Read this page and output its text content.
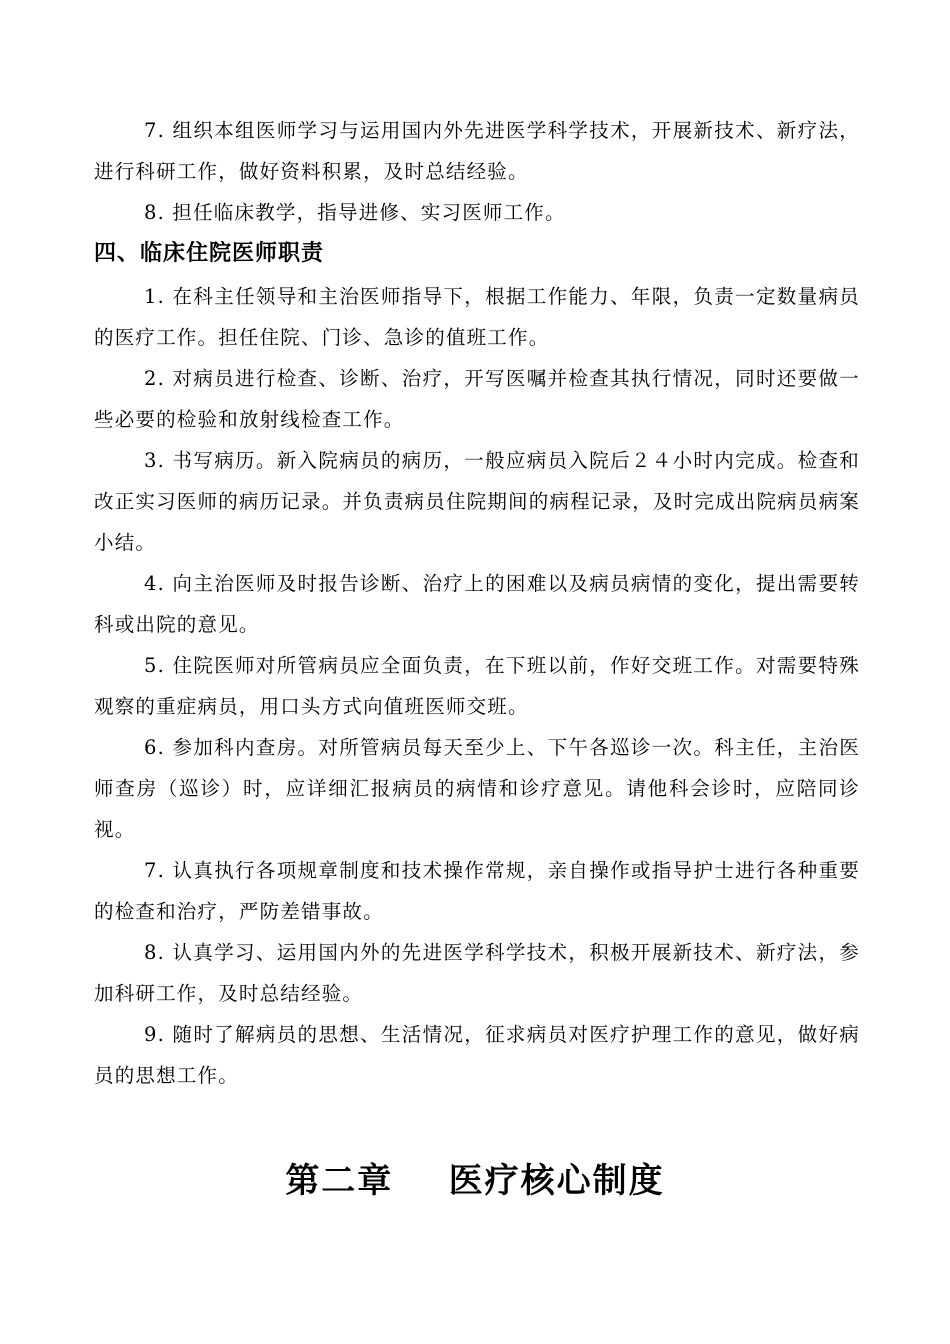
7. 组织本组医师学习与运用国内外先进医学科学技术，开展新技术、新疗法，进行科研工作，做好资料积累，及时总结经验。

8. 担任临床教学，指导进修、实习医师工作。

四、临床住院医师职责

1. 在科主任领导和主治医师指导下，根据工作能力、年限，负责一定数量病员的医疗工作。担任住院、门诊、急诊的值班工作。

2. 对病员进行检查、诊断、治疗，开写医嘱并检查其执行情况，同时还要做一些必要的检验和放射线检查工作。

3. 书写病历。新入院病员的病历，一般应病员入院后２４小时内完成。检查和改正实习医师的病历记录。并负责病员住院期间的病程记录，及时完成出院病员病案小结。

4. 向主治医师及时报告诊断、治疗上的困难以及病员病情的变化，提出需要转科或出院的意见。

5. 住院医师对所管病员应全面负责，在下班以前，作好交班工作。对需要特殊观察的重症病员，用口头方式向值班医师交班。

6. 参加科内查房。对所管病员每天至少上、下午各巡诊一次。科主任，主治医师查房（巡诊）时，应详细汇报病员的病情和诊疗意见。请他科会诊时，应陪同诊视。

7. 认真执行各项规章制度和技术操作常规，亲自操作或指导护士进行各种重要的检查和治疗，严防差错事故。

8. 认真学习、运用国内外的先进医学科学技术，积极开展新技术、新疗法，参加科研工作，及时总结经验。

9. 随时了解病员的思想、生活情况，征求病员对医疗护理工作的意见，做好病员的思想工作。

第二章    医疗核心制度
